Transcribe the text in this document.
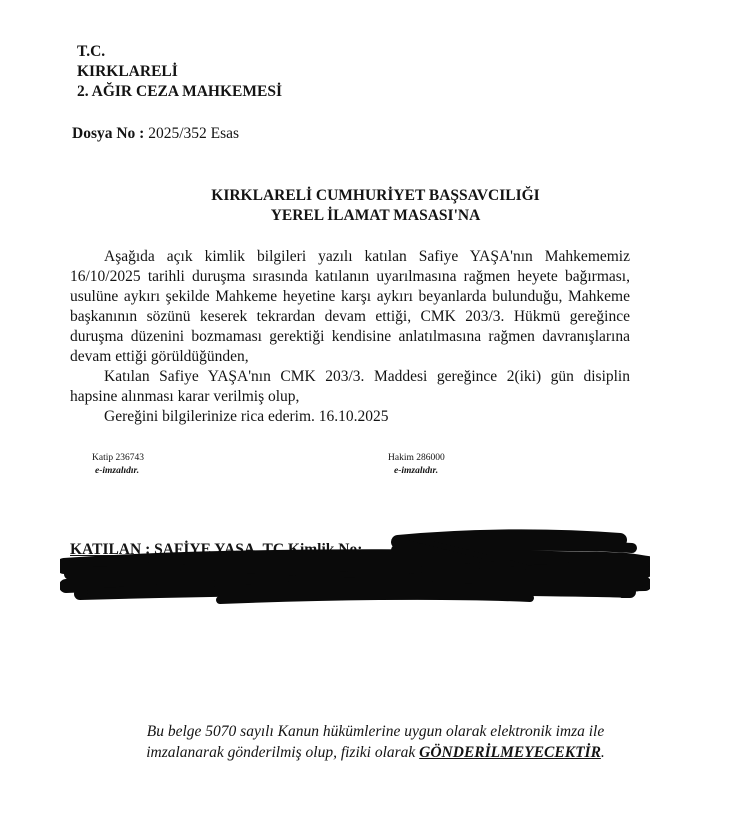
T.C.
KIRKLARELİ
2. AĞIR CEZA MAHKEMESİ
Dosya No : 2025/352 Esas
KIRKLARELİ CUMHURİYET BAŞSAVCILIĞI
YEREL İLAMAT MASASI'NA

Aşağıda açık kimlik bilgileri yazılı katılan Safiye YAŞA'nın Mahkememiz 16/10/2025 tarihli duruşma sırasında katılanın uyarılmasına rağmen heyete bağırması, usulüne aykırı şekilde Mahkeme heyetine karşı aykırı beyanlarda bulunduğu, Mahkeme başkanının sözünü keserek tekrardan devam ettiği, CMK 203/3. Hükmü gereğince duruşma düzenini bozmaması gerektiği kendisine anlatılmasına rağmen davranışlarına devam ettiği görüldüğünden,

Katılan Safiye YAŞA'nın CMK 203/3. Maddesi gereğince 2(iki) gün disiplin hapsine alınması karar verilmiş olup,

Gereğini bilgilerinize rica ederim. 16.10.2025

Katip 236743
e-imzalıdır.
Hakim 286000
e-imzalıdır.
KATILAN : SAFİYE YAŞA, TC Kimlik No:
Bu belge 5070 sayılı Kanun hükümlerine uygun olarak elektronik imza ile
imzalanarak gönderilmiş olup, fiziki olarak GÖNDERİLMEYECEKTİR.
